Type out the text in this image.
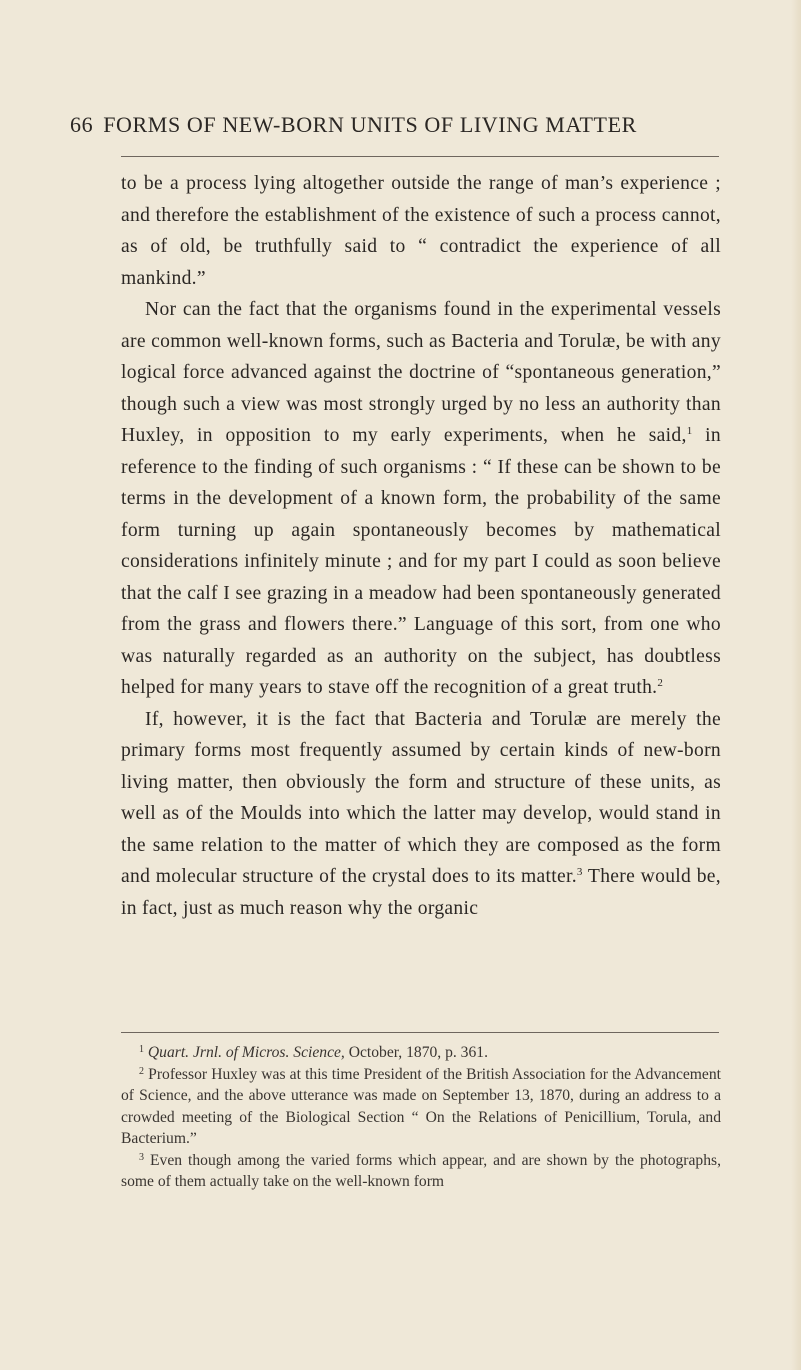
66 FORMS OF NEW-BORN UNITS OF LIVING MATTER

to be a process lying altogether outside the range of man’s experience ; and therefore the establishment of the existence of such a process cannot, as of old, be truthfully said to “ contradict the experience of all mankind.”

Nor can the fact that the organisms found in the experimental vessels are common well-known forms, such as Bacteria and Torulæ, be with any logical force advanced against the doctrine of “spontaneous generation,” though such a view was most strongly urged by no less an authority than Huxley, in opposition to my early experiments, when he said,$^1$ in reference to the finding of such organisms : “ If these can be shown to be terms in the development of a known form, the probability of the same form turning up again spontaneously becomes by mathematical considerations infinitely minute ; and for my part I could as soon believe that the calf I see grazing in a meadow had been spontaneously generated from the grass and flowers there.” Language of this sort, from one who was naturally regarded as an authority on the subject, has doubtless helped for many years to stave off the recognition of a great truth.$^2$

If, however, it is the fact that Bacteria and Torulæ are merely the primary forms most frequently assumed by certain kinds of new-born living matter, then obviously the form and structure of these units, as well as of the Moulds into which the latter may develop, would stand in the same relation to the matter of which they are composed as the form and molecular structure of the crystal does to its matter.$^3$ There would be, in fact, just as much reason why the organic

$^1$ Quart. Jrnl. of Micros. Science, October, 1870, p. 361.

$^2$ Professor Huxley was at this time President of the British Association for the Advancement of Science, and the above utterance was made on September 13, 1870, during an address to a crowded meeting of the Biological Section “ On the Relations of Penicillium, Torula, and Bacterium.”

$^3$ Even though among the varied forms which appear, and are shown by the photographs, some of them actually take on the well-known form
